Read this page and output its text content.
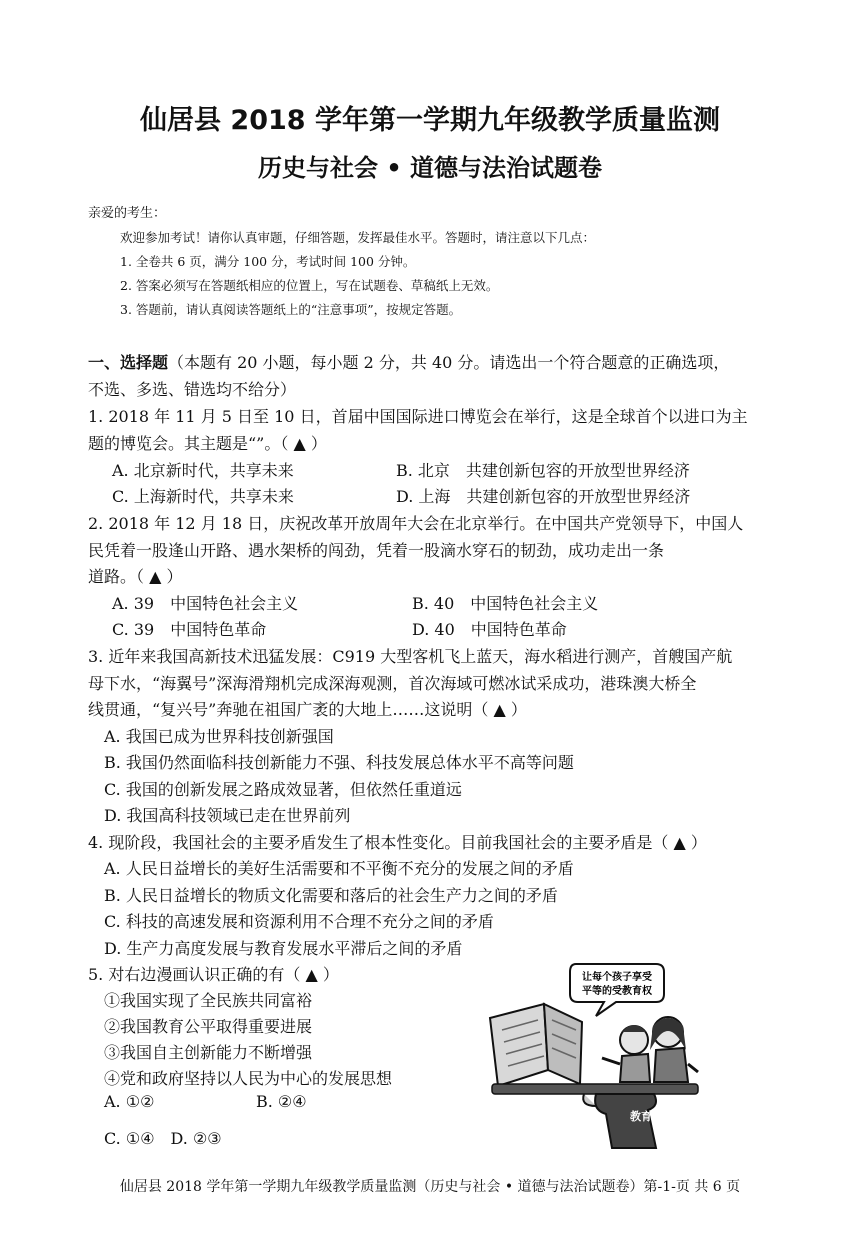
仙居县 2018 学年第一学期九年级教学质量监测
历史与社会 • 道德与法治试题卷
亲爱的考生：
欢迎参加考试！请你认真审题，仔细答题，发挥最佳水平。答题时，请注意以下几点：
1. 全卷共 6 页，满分 100 分，考试时间 100 分钟。
2. 答案必须写在答题纸相应的位置上，写在试题卷、草稿纸上无效。
3. 答题前，请认真阅读答题纸上的“注意事项”，按规定答题。
一、选择题（本题有 20 小题，每小题 2 分，共 40 分。请选出一个符合题意的正确选项，
不选、多选、错选均不给分）
1. 2018 年 11 月 5 日至 10 日，首届中国国际进口博览会在举行，这是全球首个以进口为主
题的博览会。其主题是“”。（ ▲ ）
A. 北京新时代，共享未来	B. 北京　共建创新包容的开放型世界经济
C. 上海新时代，共享未来	D. 上海　共建创新包容的开放型世界经济
2. 2018 年 12 月 18 日，庆祝改革开放周年大会在北京举行。在中国共产党领导下，中国人
民凭着一股逢山开路、遇水架桥的闯劲，凭着一股滴水穿石的韧劲，成功走出一条
道路。（ ▲ ）
A. 39　中国特色社会主义	B. 40　中国特色社会主义
C. 39　中国特色革命	D. 40　中国特色革命
3. 近年来我国高新技术迅猛发展：C919 大型客机飞上蓝天，海水稻进行测产，首艘国产航
母下水，“海翼号”深海滑翔机完成深海观测，首次海域可燃冰试采成功，港珠澳大桥全
线贯通，“复兴号”奔驰在祖国广袤的大地上……这说明（ ▲ ）
A. 我国已成为世界科技创新强国
B. 我国仍然面临科技创新能力不强、科技发展总体水平不高等问题
C. 我国的创新发展之路成效显著，但依然任重道远
D. 我国高科技领域已走在世界前列
4. 现阶段，我国社会的主要矛盾发生了根本性变化。目前我国社会的主要矛盾是（ ▲ ）
A. 人民日益增长的美好生活需要和不平衡不充分的发展之间的矛盾
B. 人民日益增长的物质文化需要和落后的社会生产力之间的矛盾
C. 科技的高速发展和资源利用不合理不充分之间的矛盾
D. 生产力高度发展与教育发展水平滞后之间的矛盾
5. 对右边漫画认识正确的有（ ▲ ）
①我国实现了全民族共同富裕
②我国教育公平取得重要进展
③我国自主创新能力不断增强
④党和政府坚持以人民为中心的发展思想
A. ①②	B. ②④
C. ①④　D. ②③
让每个孩子享受
平等的受教育权
教育公平
仙居县 2018 学年第一学期九年级教学质量监测（历史与社会 • 道德与法治试题卷）第-1-页 共 6 页
